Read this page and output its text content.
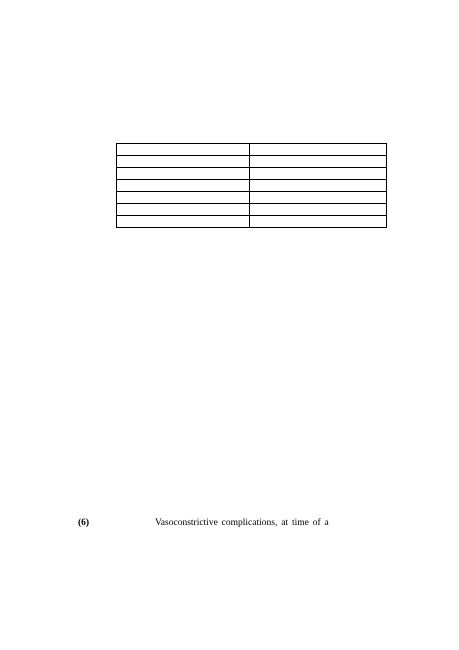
(6)	Vasoconstrictive complications, at time of a
